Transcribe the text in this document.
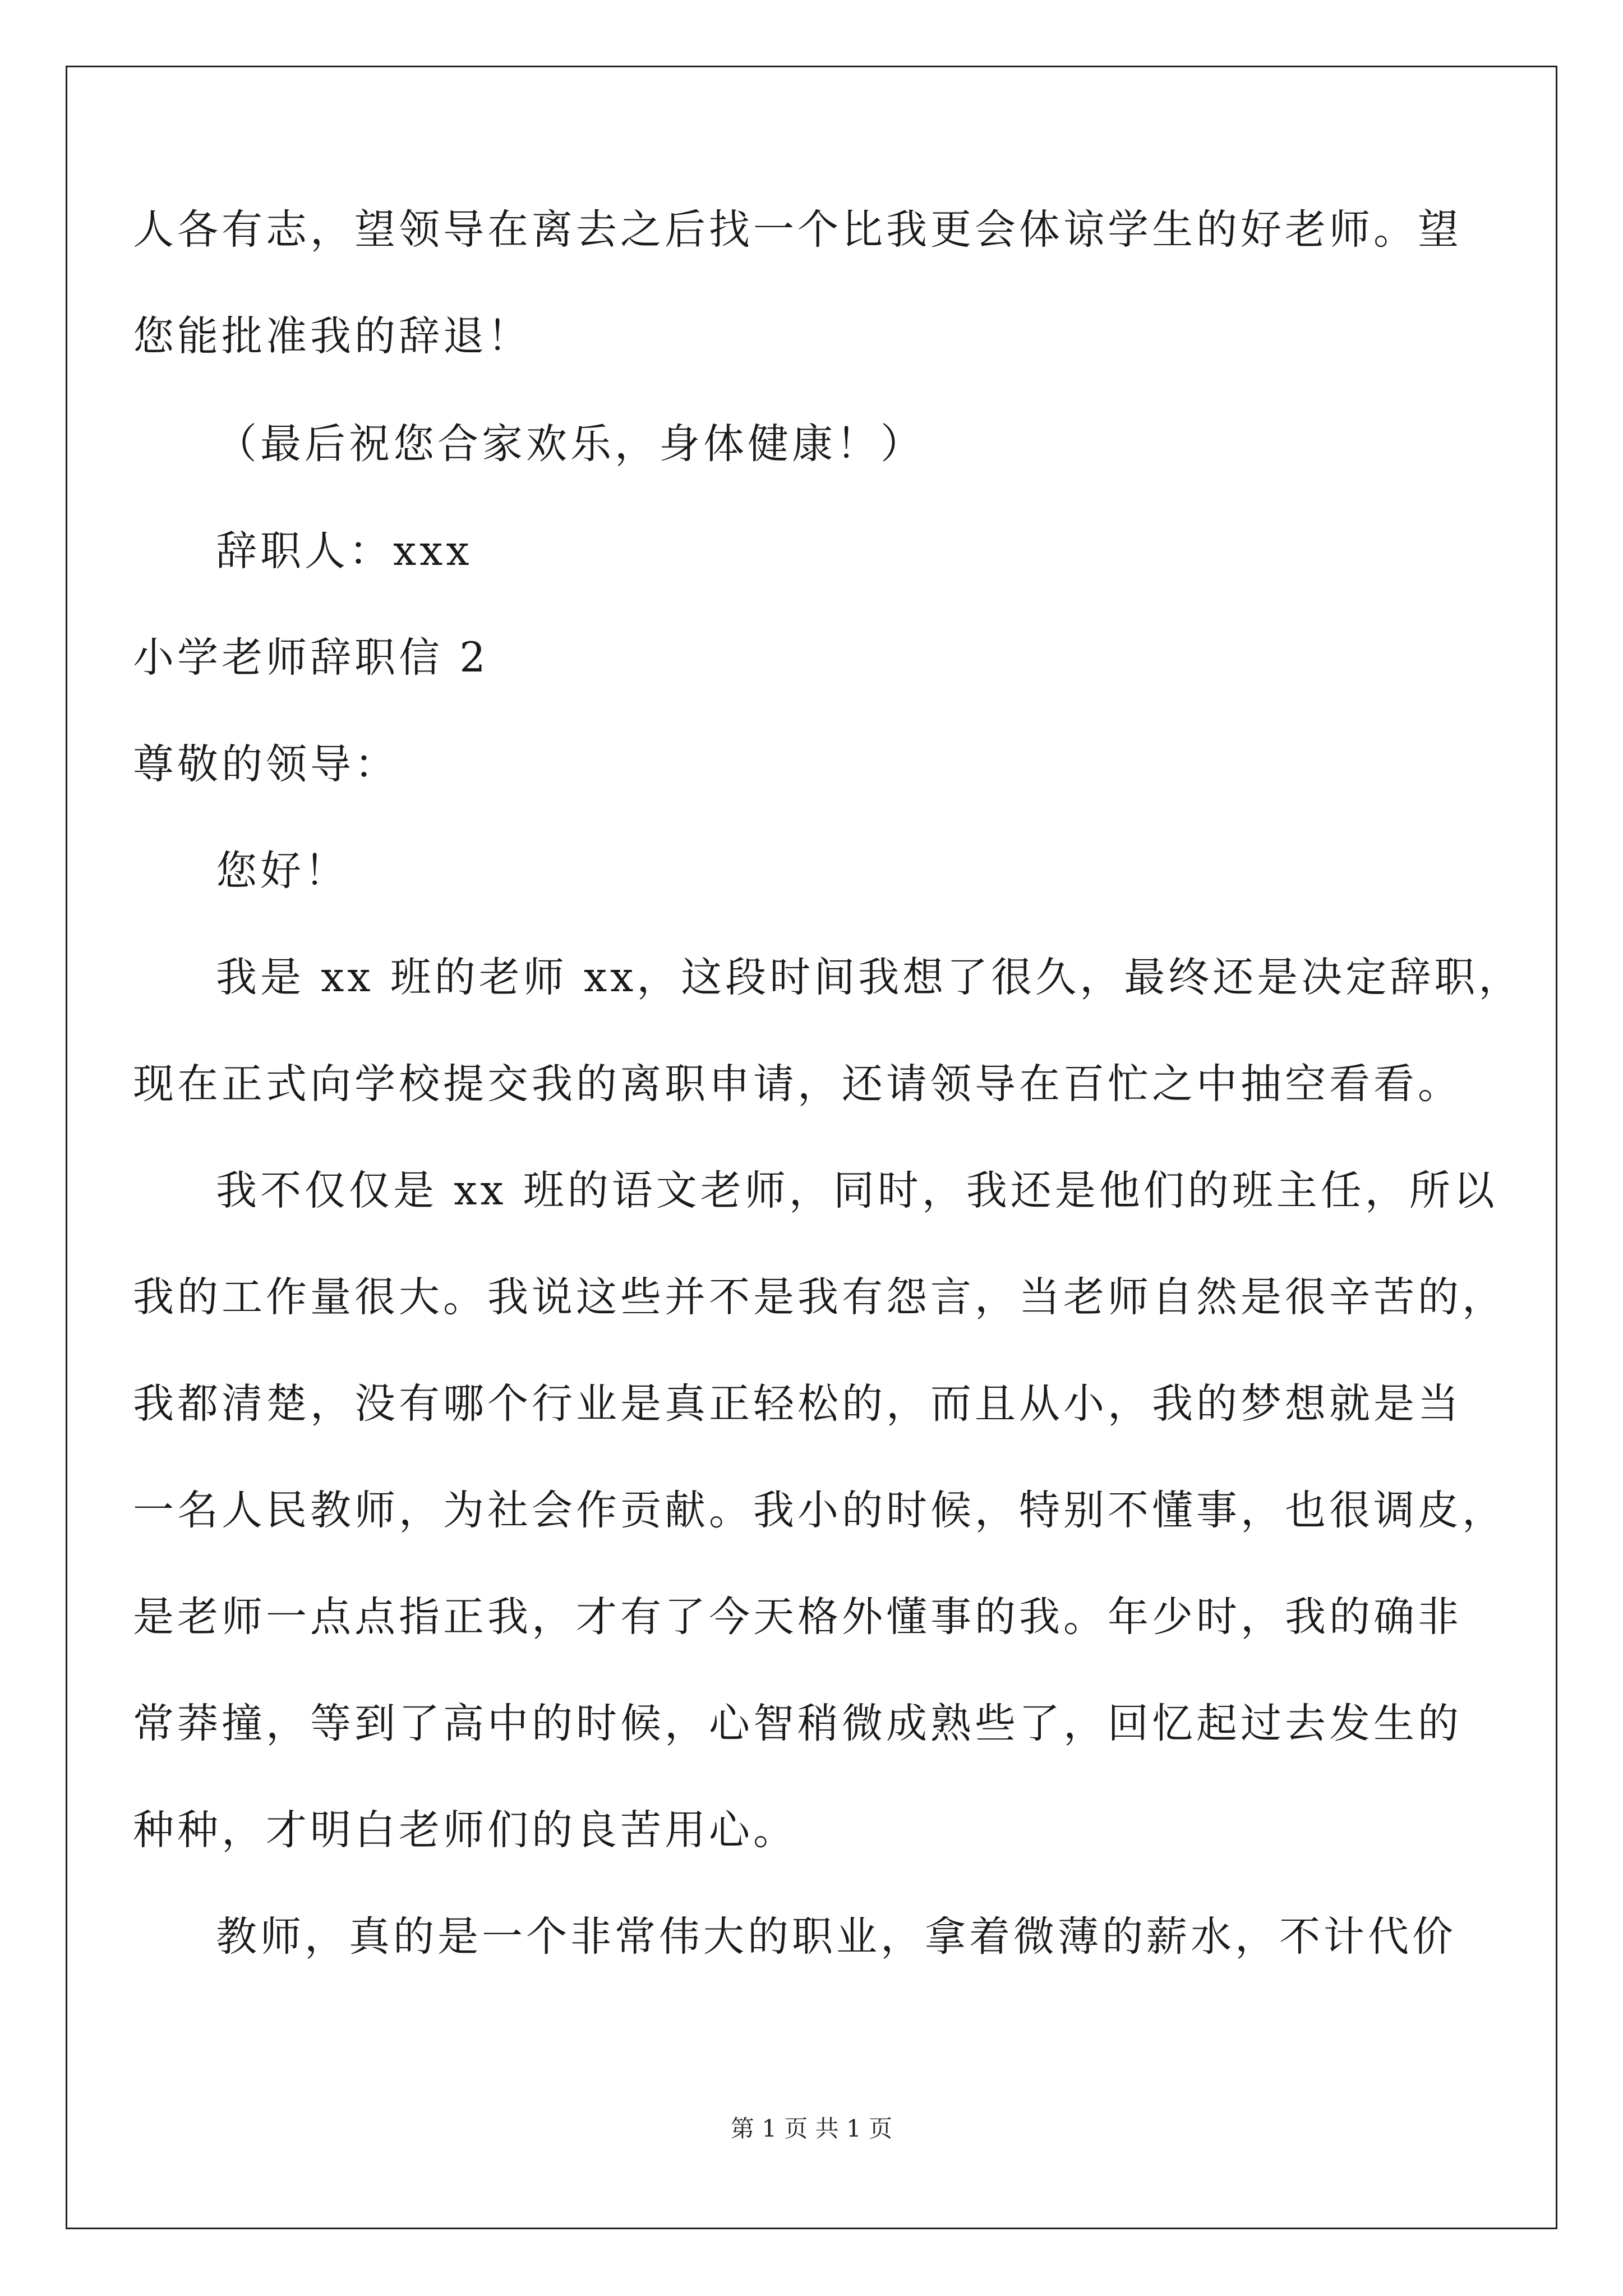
人各有志，望领导在离去之后找一个比我更会体谅学生的好老师。望
您能批准我的辞退！
（最后祝您合家欢乐，身体健康！）
辞职人：xxx
小学老师辞职信 2
尊敬的领导：
您好！
我是 xx 班的老师 xx，这段时间我想了很久，最终还是决定辞职，
现在正式向学校提交我的离职申请，还请领导在百忙之中抽空看看。
我不仅仅是 xx 班的语文老师，同时，我还是他们的班主任，所以
我的工作量很大。我说这些并不是我有怨言，当老师自然是很辛苦的，
我都清楚，没有哪个行业是真正轻松的，而且从小，我的梦想就是当
一名人民教师，为社会作贡献。我小的时候，特别不懂事，也很调皮，
是老师一点点指正我，才有了今天格外懂事的我。年少时，我的确非
常莽撞，等到了高中的时候，心智稍微成熟些了，回忆起过去发生的
种种，才明白老师们的良苦用心。
教师，真的是一个非常伟大的职业，拿着微薄的薪水，不计代价
第 1 页 共 1 页
